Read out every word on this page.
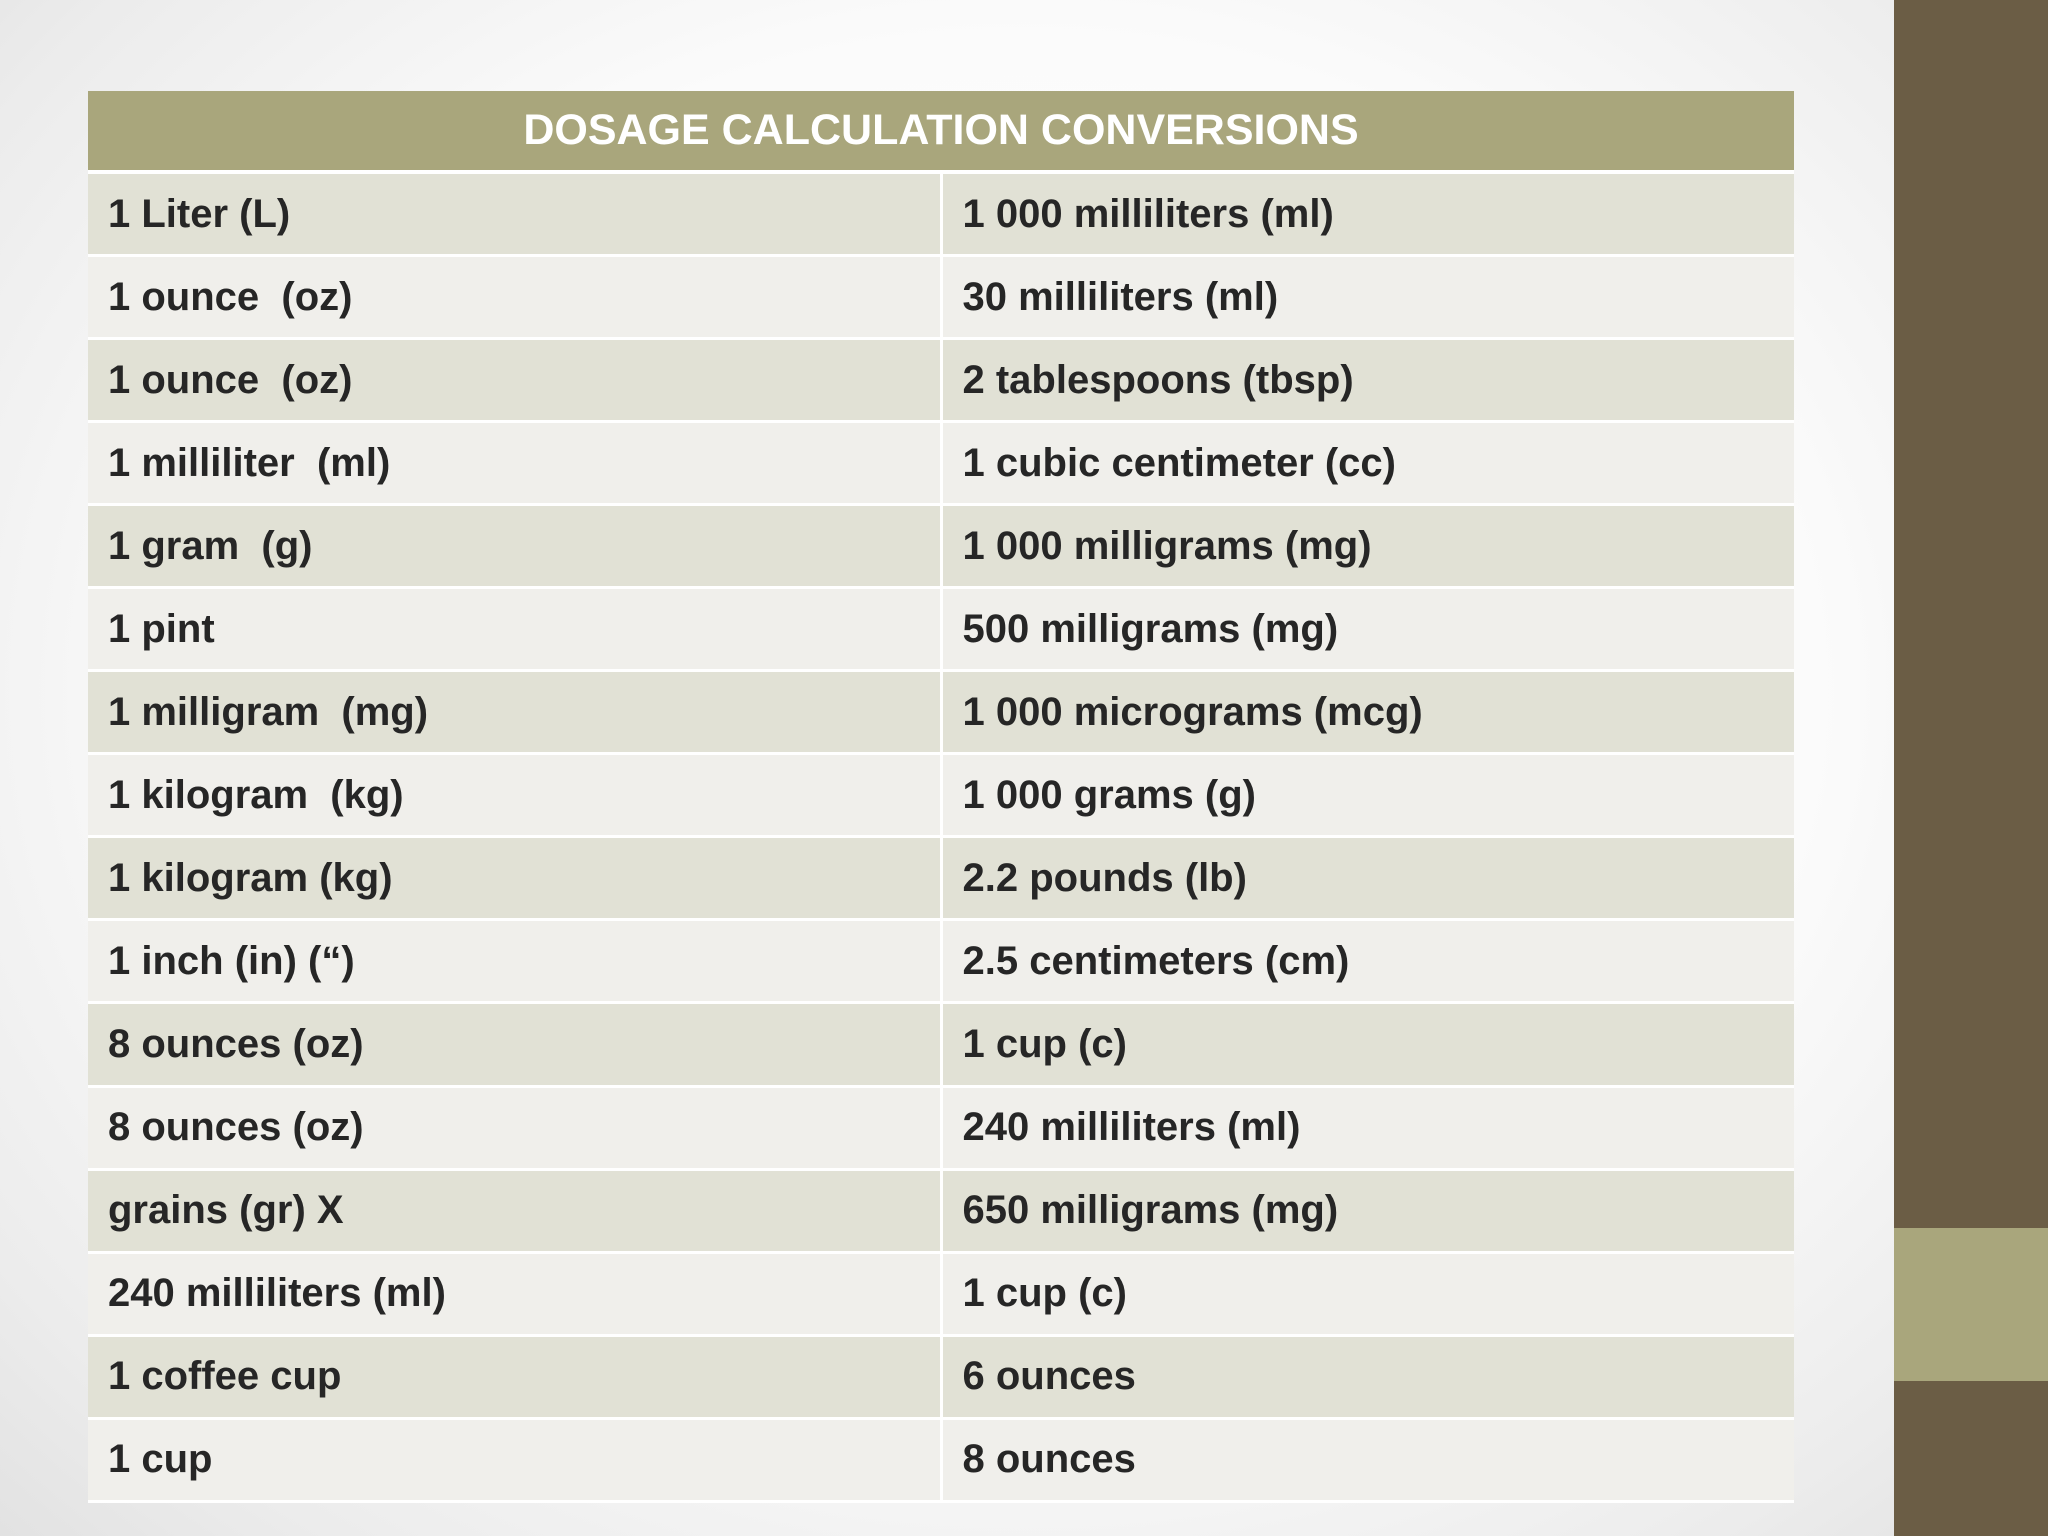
DOSAGE CALCULATION CONVERSIONS	
1 Liter (L)	1 000 milliliters (ml)
1 ounce  (oz)	30 milliliters (ml)
1 ounce  (oz)	2 tablespoons (tbsp)
1 milliliter  (ml)	1 cubic centimeter (cc)
1 gram  (g)	1 000 milligrams (mg)
1 pint	500 milligrams (mg)
1 milligram  (mg)	1 000 micrograms (mcg)
1 kilogram  (kg)	1 000 grams (g)
1 kilogram (kg)	2.2 pounds (lb)
1 inch (in) (“)	2.5 centimeters (cm)
8 ounces (oz)	1 cup (c)
8 ounces (oz)	240 milliliters (ml)
grains (gr) X	650 milligrams (mg)
240 milliliters (ml)	1 cup (c)
1 coffee cup	6 ounces
1 cup	8 ounces
